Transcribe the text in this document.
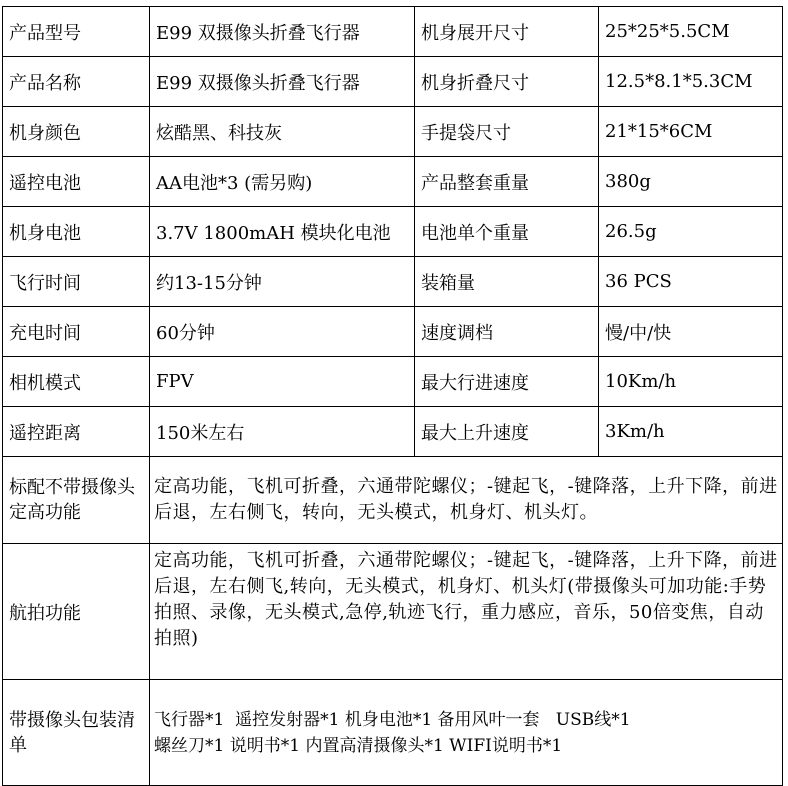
产品型号	E99 双摄像头折叠飞行器	机身展开尺寸	25*25*5.5CM
产品名称	E99 双摄像头折叠飞行器	机身折叠尺寸	12.5*8.1*5.3CM
机身颜色	炫酷黑、科技灰	手提袋尺寸	21*15*6CM
遥控电池	AA电池*3 (需另购)	产品整套重量	380g
机身电池	3.7V 1800mAH 模块化电池	电池单个重量	26.5g
飞行时间	约13-15分钟	装箱量	36 PCS
充电时间	60分钟	速度调档	慢/中/快
相机模式	FPV	最大行进速度	10Km/h
遥控距离	150米左右	最大上升速度	3Km/h
标配不带摄像头定高功能	定高功能，飞机可折叠，六通带陀螺仪；-键起飞，-键降落，上升下降，前进后退，左右侧飞，转向，无头模式，机身灯、机头灯。		
航拍功能	定高功能，飞机可折叠，六通带陀螺仪；-键起飞，-键降落，上升下降，前进后退，左右侧飞,转向，无头模式，机身灯、机头灯(带摄像头可加功能:手势拍照、录像，无头模式,急停,轨迹飞行，重力感应，音乐，50倍变焦，自动拍照)		
带摄像头包装清单	飞行器*1  遥控发射器*1 机身电池*1 备用风叶一套   USB线*1
螺丝刀*1 说明书*1 内置高清摄像头*1 WIFI说明书*1		
